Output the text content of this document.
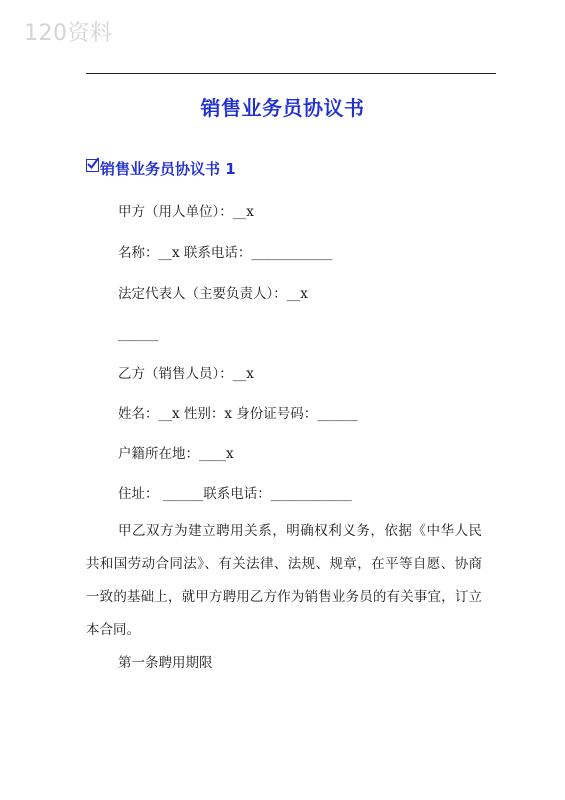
120资料
销售业务员协议书
销售业务员协议书 1
甲方（用人单位）：__x
名称：__x 联系电话：____________
法定代表人（主要负责人）：__x
______
乙方（销售人员）：__x
姓名：__x 性别：x 身份证号码：______
户籍所在地：____x
住址： ______联系电话：____________

甲乙双方为建立聘用关系，明确权利义务，依据《中华人民共和国劳动合同法》、有关法律、法规、规章，在平等自愿、协商一致的基础上，就甲方聘用乙方作为销售业务员的有关事宜，订立本合同。

第一条聘用期限
